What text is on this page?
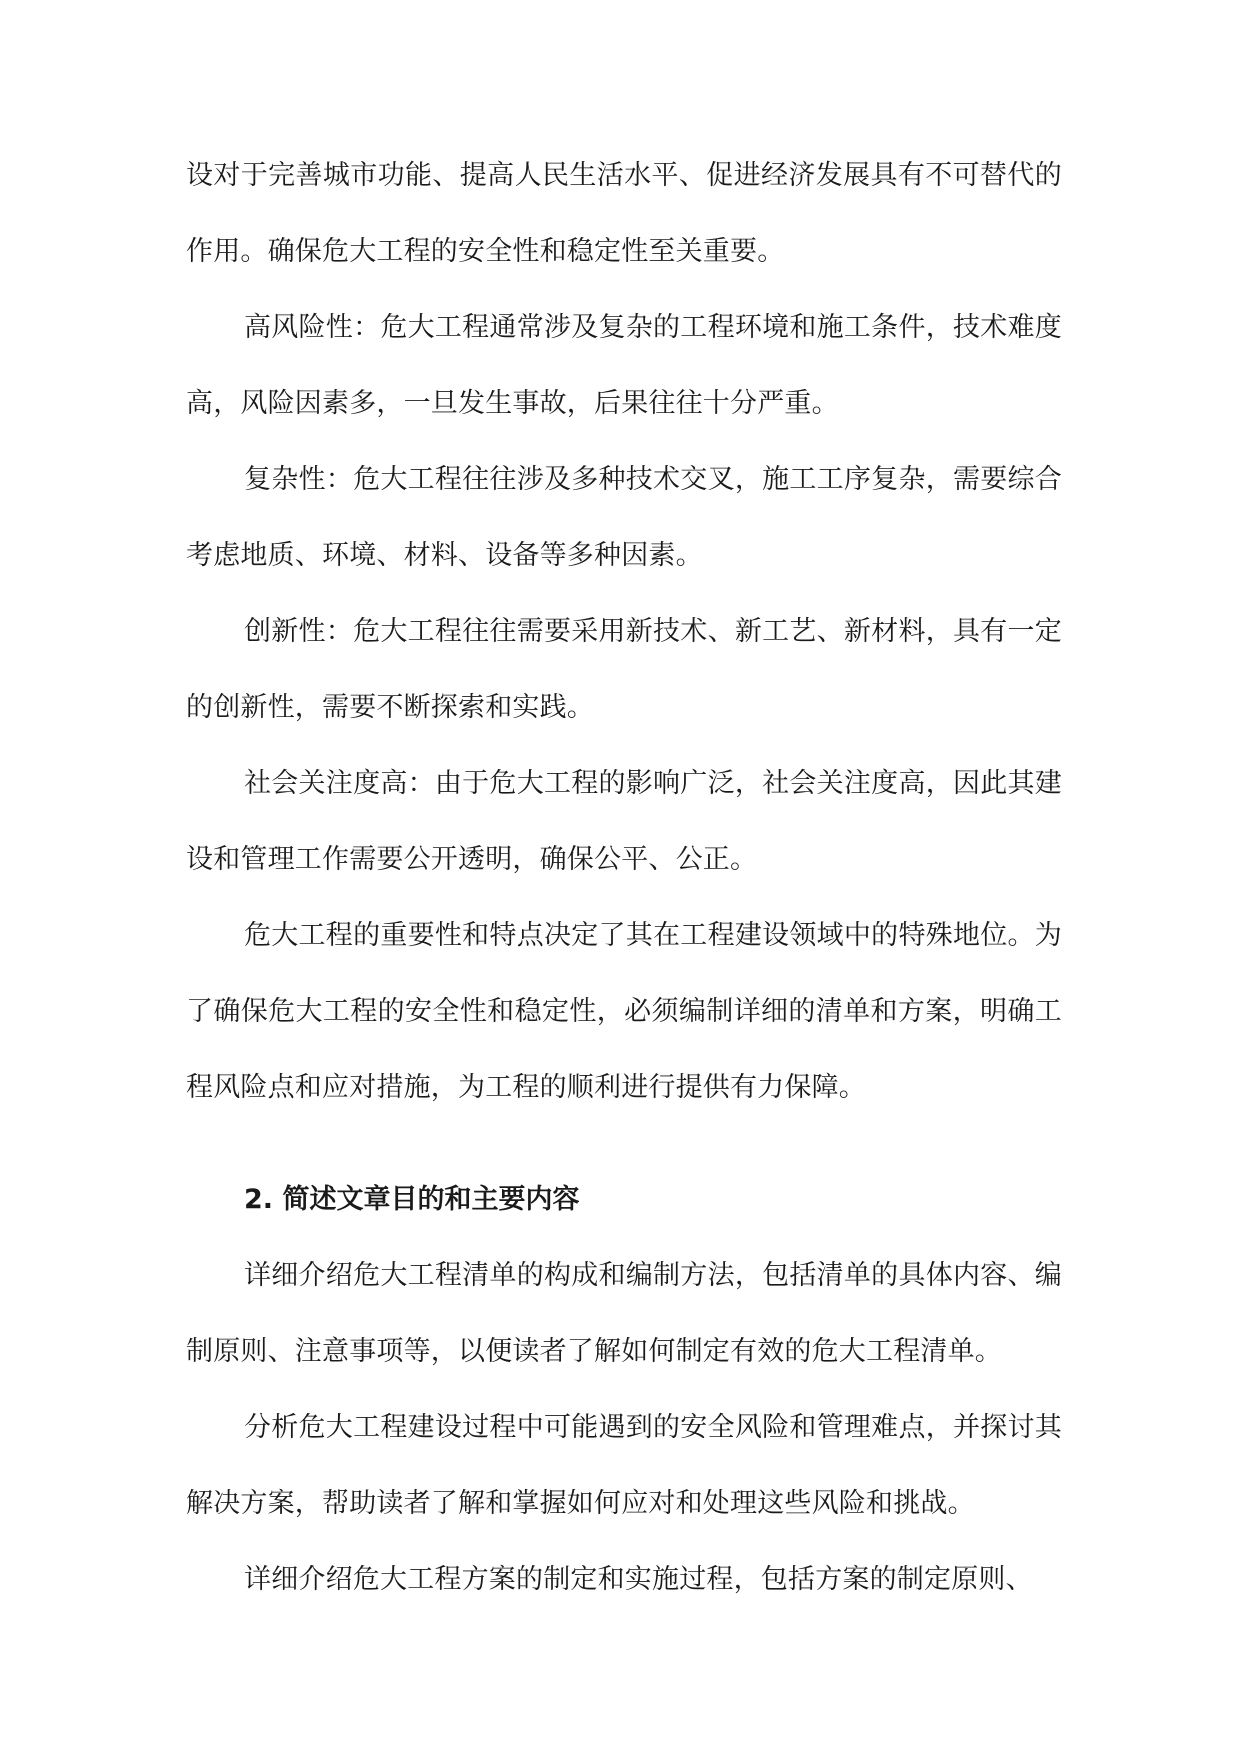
设对于完善城市功能、提高人民生活水平、促进经济发展具有不可替代的作用。确保危大工程的安全性和稳定性至关重要。

高风险性：危大工程通常涉及复杂的工程环境和施工条件，技术难度高，风险因素多，一旦发生事故，后果往往十分严重。

复杂性：危大工程往往涉及多种技术交叉，施工工序复杂，需要综合考虑地质、环境、材料、设备等多种因素。

创新性：危大工程往往需要采用新技术、新工艺、新材料，具有一定的创新性，需要不断探索和实践。

社会关注度高：由于危大工程的影响广泛，社会关注度高，因此其建设和管理工作需要公开透明，确保公平、公正。

危大工程的重要性和特点决定了其在工程建设领域中的特殊地位。为了确保危大工程的安全性和稳定性，必须编制详细的清单和方案，明确工程风险点和应对措施，为工程的顺利进行提供有力保障。

2. 简述文章目的和主要内容

详细介绍危大工程清单的构成和编制方法，包括清单的具体内容、编制原则、注意事项等，以便读者了解如何制定有效的危大工程清单。

分析危大工程建设过程中可能遇到的安全风险和管理难点，并探讨其解决方案，帮助读者了解和掌握如何应对和处理这些风险和挑战。

详细介绍危大工程方案的制定和实施过程，包括方案的制定原则、
